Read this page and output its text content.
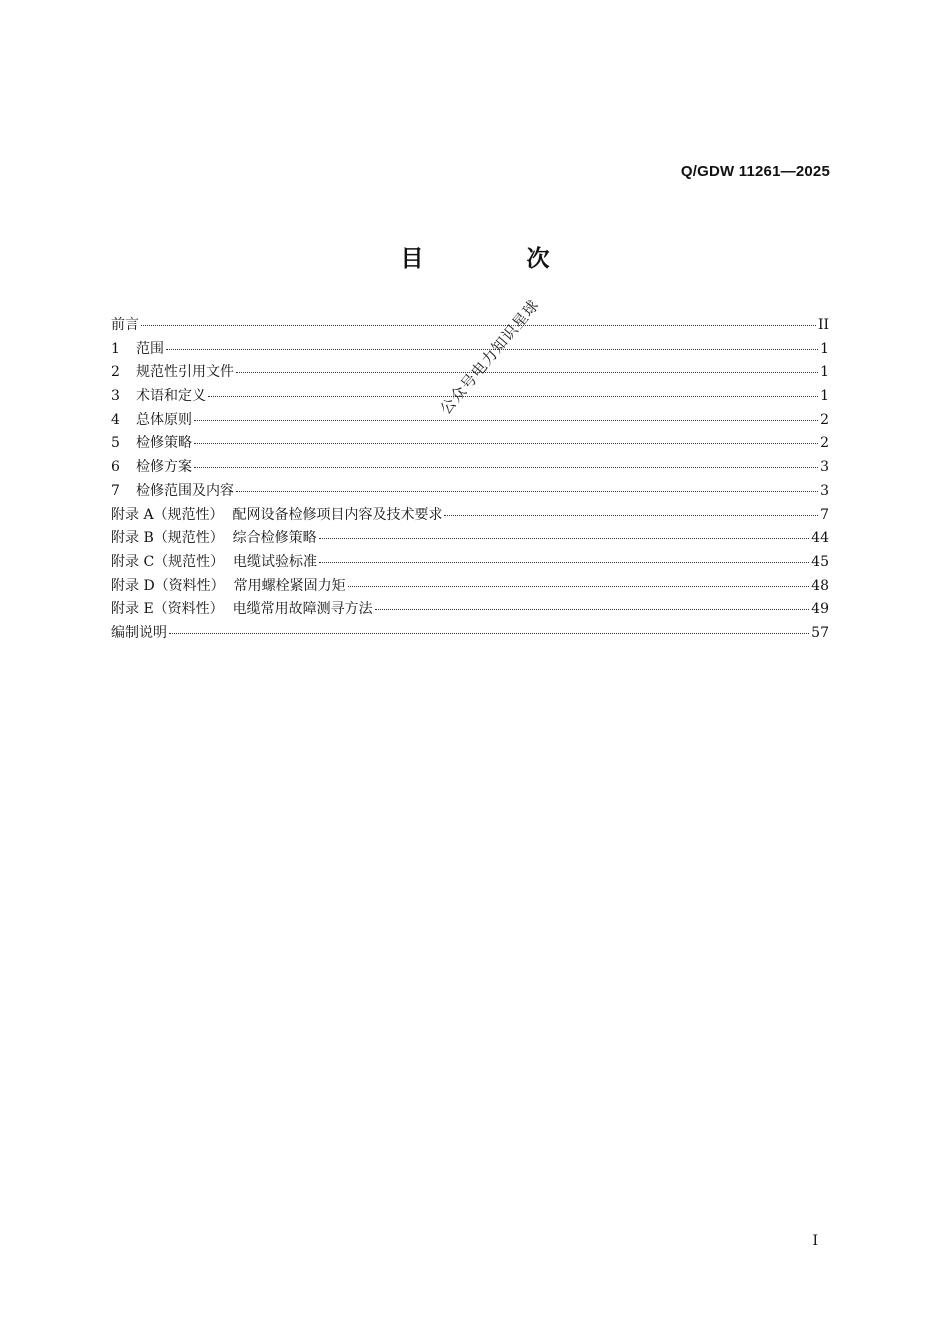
Q/GDW 11261—2025
目　次
前言	II
1	范围	1
2	规范性引用文件	1
3	术语和定义	1
4	总体原则	2
5	检修策略	2
6	检修方案	3
7	检修范围及内容	3
附录 A（规范性）  配网设备检修项目内容及技术要求	7
附录 B（规范性）  综合检修策略	44
附录 C（规范性）  电缆试验标准	45
附录 D（资料性）  常用螺栓紧固力矩	48
附录 E（资料性）  电缆常用故障测寻方法	49
编制说明	57
公众号电力知识星球
I
